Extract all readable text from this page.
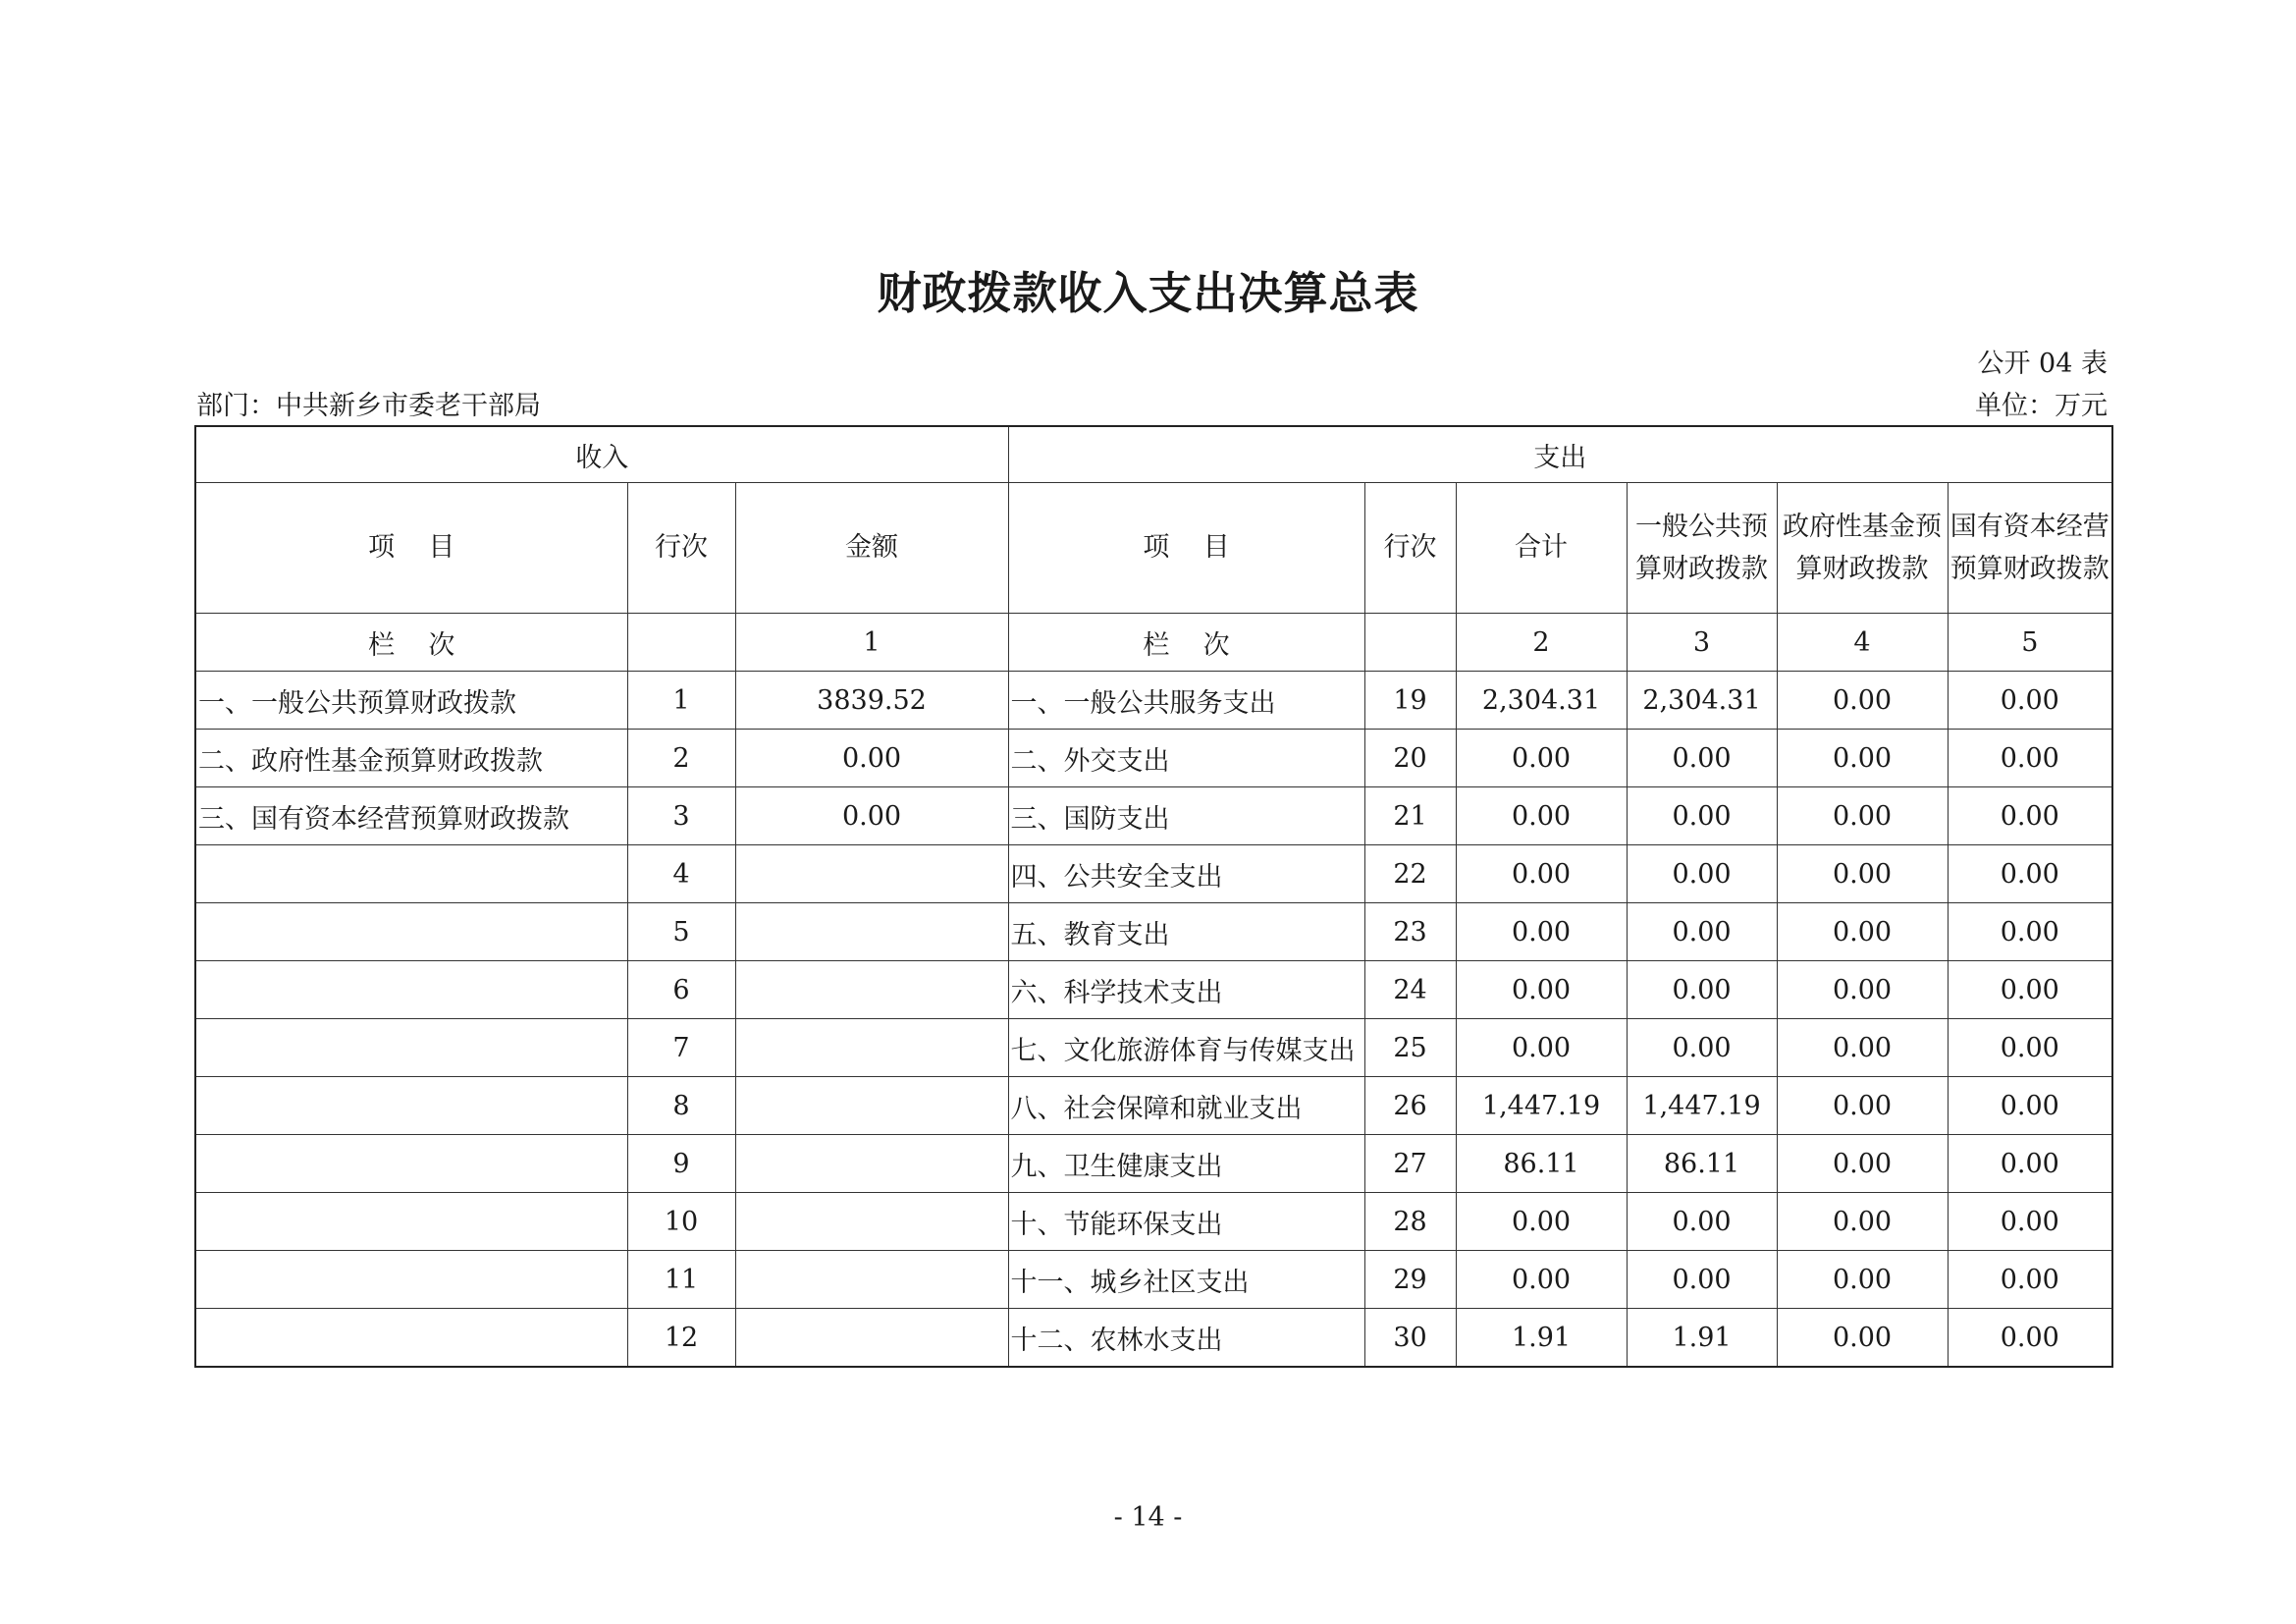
财政拨款收入支出决算总表
公开 04 表
部门：中共新乡市委老干部局	单位：万元
收入			支出					
项    目	行次	金额	项    目	行次	合计	一般公共预算财政拨款	政府性基金预算财政拨款	国有资本经营预算财政拨款
栏    次		1	栏    次		2	3	4	5
一、一般公共预算财政拨款	1	3839.52	一、一般公共服务支出	19	2,304.31	2,304.31	0.00	0.00
二、政府性基金预算财政拨款	2	0.00	二、外交支出	20	0.00	0.00	0.00	0.00
三、国有资本经营预算财政拨款	3	0.00	三、国防支出	21	0.00	0.00	0.00	0.00
	4		四、公共安全支出	22	0.00	0.00	0.00	0.00
	5		五、教育支出	23	0.00	0.00	0.00	0.00
	6		六、科学技术支出	24	0.00	0.00	0.00	0.00
	7		七、文化旅游体育与传媒支出	25	0.00	0.00	0.00	0.00
	8		八、社会保障和就业支出	26	1,447.19	1,447.19	0.00	0.00
	9		九、卫生健康支出	27	86.11	86.11	0.00	0.00
	10		十、节能环保支出	28	0.00	0.00	0.00	0.00
	11		十一、城乡社区支出	29	0.00	0.00	0.00	0.00
	12		十二、农林水支出	30	1.91	1.91	0.00	0.00
- 14 -
